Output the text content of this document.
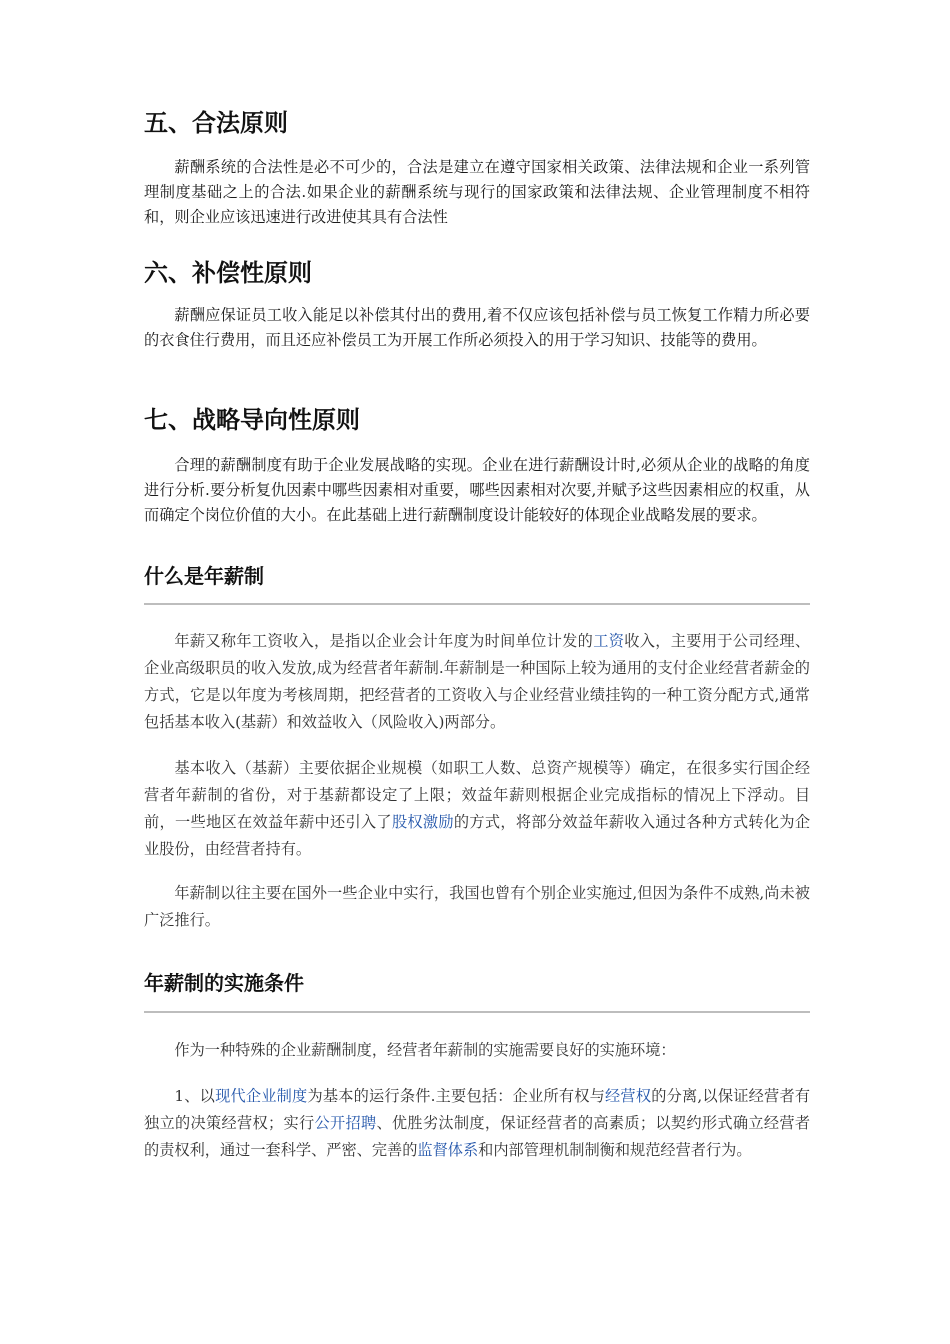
五、合法原则

薪酬系统的合法性是必不可少的，合法是建立在遵守国家相关政策、法律法规和企业一系列管理制度基础之上的合法.如果企业的薪酬系统与现行的国家政策和法律法规、企业管理制度不相符和，则企业应该迅速进行改进使其具有合法性

六、补偿性原则

薪酬应保证员工收入能足以补偿其付出的费用,着不仅应该包括补偿与员工恢复工作精力所必要的衣食住行费用，而且还应补偿员工为开展工作所必须投入的用于学习知识、技能等的费用。

七、战略导向性原则

合理的薪酬制度有助于企业发展战略的实现。企业在进行薪酬设计时,必须从企业的战略的角度进行分析.要分析复仇因素中哪些因素相对重要，哪些因素相对次要,并赋予这些因素相应的权重，从而确定个岗位价值的大小。在此基础上进行薪酬制度设计能较好的体现企业战略发展的要求。

什么是年薪制

年薪又称年工资收入，是指以企业会计年度为时间单位计发的工资收入，主要用于公司经理、企业高级职员的收入发放,成为经营者年薪制.年薪制是一种国际上较为通用的支付企业经营者薪金的方式，它是以年度为考核周期，把经营者的工资收入与企业经营业绩挂钩的一种工资分配方式,通常包括基本收入(基薪）和效益收入（风险收入)两部分。

基本收入（基薪）主要依据企业规模（如职工人数、总资产规模等）确定，在很多实行国企经营者年薪制的省份，对于基薪都设定了上限；效益年薪则根据企业完成指标的情况上下浮动。目前，一些地区在效益年薪中还引入了股权激励的方式，将部分效益年薪收入通过各种方式转化为企业股份，由经营者持有。

年薪制以往主要在国外一些企业中实行，我国也曾有个别企业实施过,但因为条件不成熟,尚未被广泛推行。

年薪制的实施条件

作为一种特殊的企业薪酬制度，经营者年薪制的实施需要良好的实施环境：

1、以现代企业制度为基本的运行条件.主要包括：企业所有权与经营权的分离,以保证经营者有独立的决策经营权；实行公开招聘、优胜劣汰制度，保证经营者的高素质；以契约形式确立经营者的责权利，通过一套科学、严密、完善的监督体系和内部管理机制制衡和规范经营者行为。
